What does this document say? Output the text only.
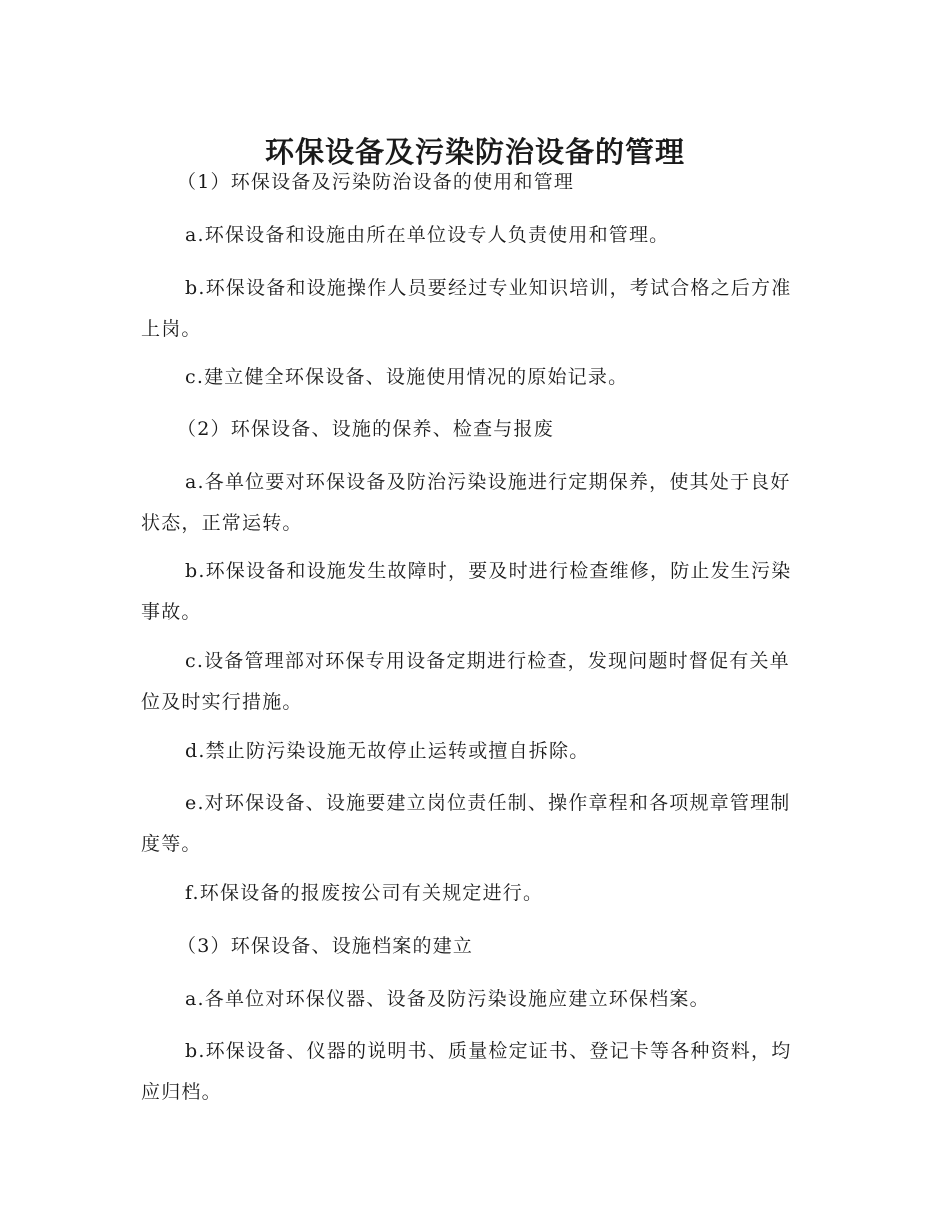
环保设备及污染防治设备的管理

（1）环保设备及污染防治设备的使用和管理

a.环保设备和设施由所在单位设专人负责使用和管理。

b.环保设备和设施操作人员要经过专业知识培训，考试合格之后方准上岗。

c.建立健全环保设备、设施使用情况的原始记录。

（2）环保设备、设施的保养、检查与报废

a.各单位要对环保设备及防治污染设施进行定期保养，使其处于良好状态，正常运转。

b.环保设备和设施发生故障时，要及时进行检查维修，防止发生污染事故。

c.设备管理部对环保专用设备定期进行检查，发现问题时督促有关单位及时实行措施。

d.禁止防污染设施无故停止运转或擅自拆除。

e.对环保设备、设施要建立岗位责任制、操作章程和各项规章管理制度等。

f.环保设备的报废按公司有关规定进行。

（3）环保设备、设施档案的建立

a.各单位对环保仪器、设备及防污染设施应建立环保档案。

b.环保设备、仪器的说明书、质量检定证书、登记卡等各种资料，均应归档。
